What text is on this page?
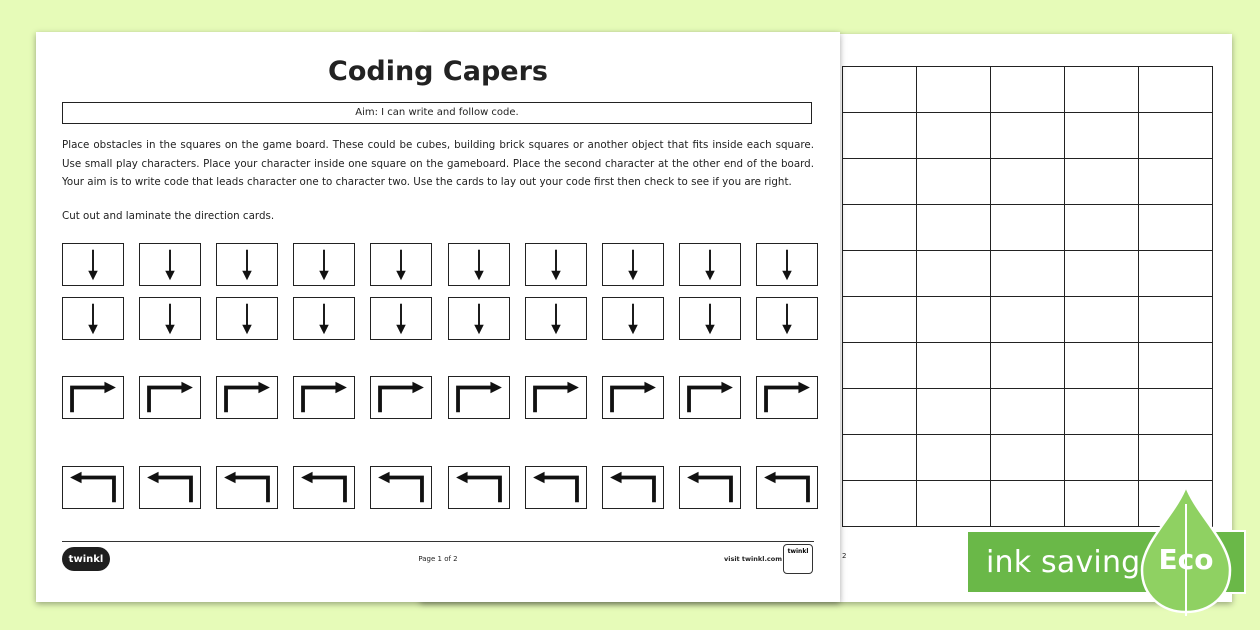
2
Coding Capers
Aim: I can write and follow code.
Place obstacles in the squares on the game board. These could be cubes, building brick squares or another object that fits inside each square. Use small play characters. Place your character inside one square on the gameboard. Place the second character at the other end of the board. Your aim is to write code that leads character one to character two. Use the cards to lay out your code first then check to see if you are right.
Cut out and laminate the direction cards.
twinkl	Page 1 of 2	visit twinkl.com
twinkl	ink saving Eco
